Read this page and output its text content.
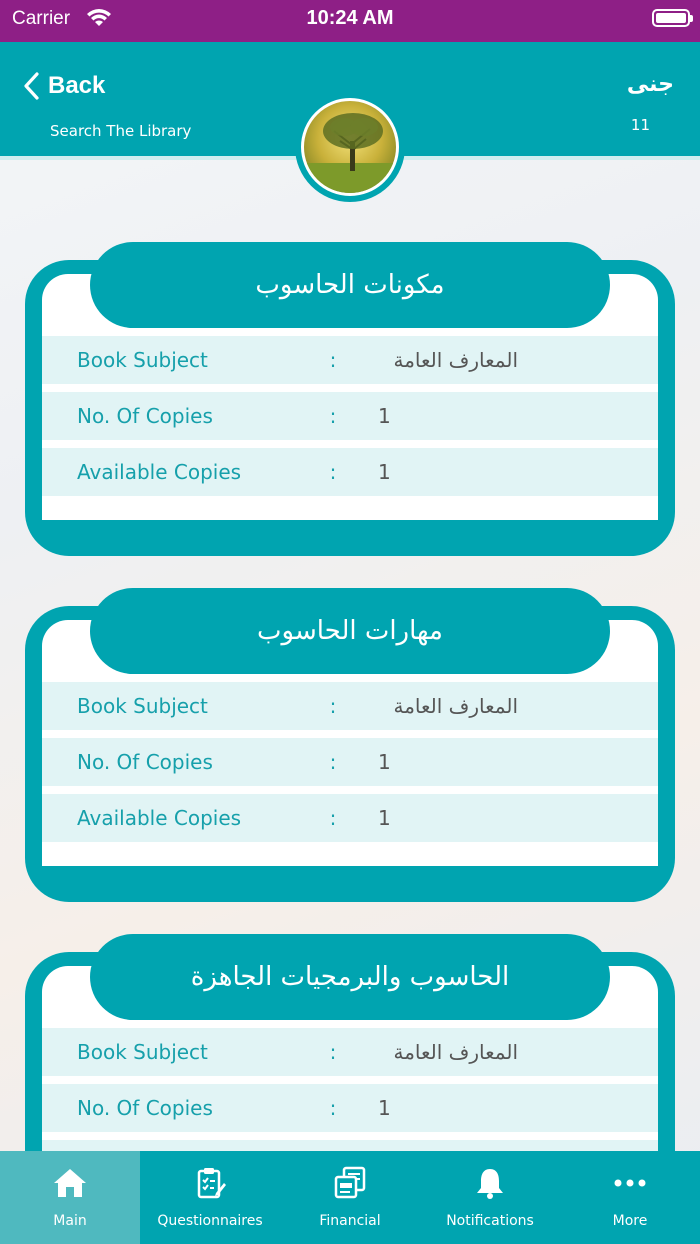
Carrier	10:24 AM
Back
Search The Library
جنى
11
مكونات الحاسوب
Book Subject	:	المعارف العامة
No. Of Copies	:	1
Available Copies	:	1
مهارات الحاسوب
Book Subject	:	المعارف العامة
No. Of Copies	:	1
Available Copies	:	1
الحاسوب والبرمجيات الجاهزة
Book Subject	:	المعارف العامة
No. Of Copies	:	1
Main	Questionnaires	Financial	Notifications	More
